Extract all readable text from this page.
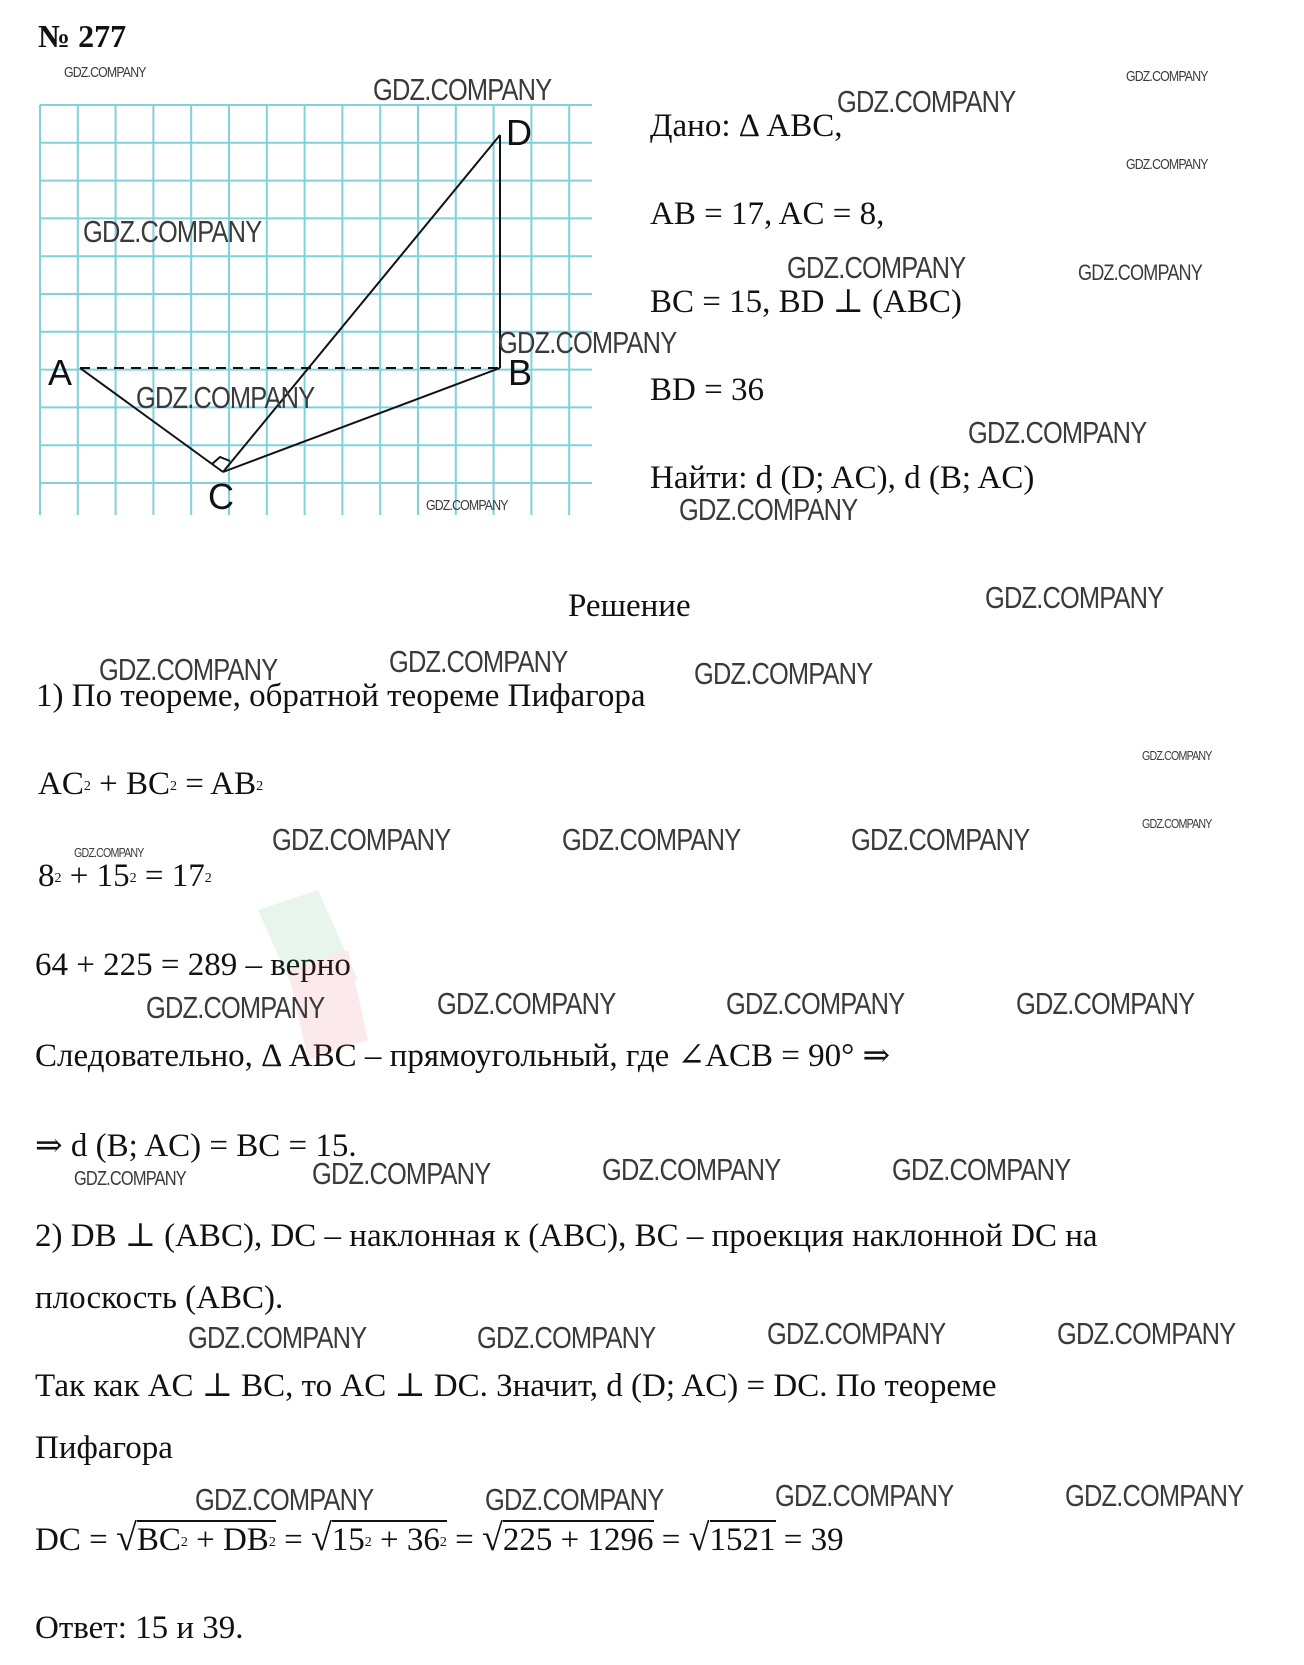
№ 277
A	B
C
D	Дано: Δ ABC,
AB = 17, AC = 8,
BC = 15, BD ⊥ (ABC)
BD = 36
Найти: d (D; AC), d (B; AC)
Решение
1) По теореме, обратной теореме Пифагора
$AC^2 + BC^2 = AB^2$
$8^2 + 15^2 = 17^2$
64 + 225 = 289 – верно
Следовательно, Δ ABC – прямоугольный, где ∠ACB = 90° ⇒
⇒ d (B; AC) = BC = 15.
2) DB ⊥ (ABC), DC – наклонная к (ABC), BC – проекция наклонной DC на
плоскость (ABC).
Так как AC ⊥ BC, то AC ⊥ DC. Значит, d (D; AC) = DC. По теореме
Пифагора
DC = $√BC^2 + DB^2 = √15^2 + 36^2 = √225 + 1296 = √1521 = 39$
Ответ: 15 и 39.
GDZ.COMPANY	GDZ.COMPANY	GDZ.COMPANY
GDZ.COMPANY
GDZ.COMPANY
GDZ.COMPANY
GDZ.COMPANY	GDZ.COMPANY
GDZ.COMPANY
GDZ.COMPANY
GDZ.COMPANY
GDZ.COMPANY	GDZ.COMPANY
GDZ.COMPANY
GDZ.COMPANY	GDZ.COMPANY	GDZ.COMPANY
GDZ.COMPANY
GDZ.COMPANY
GDZ.COMPANY	GDZ.COMPANY	GDZ.COMPANY
GDZ.COMPANY
GDZ.COMPANY	GDZ.COMPANY	GDZ.COMPANY	GDZ.COMPANY
GDZ.COMPANY	GDZ.COMPANY	GDZ.COMPANY	GDZ.COMPANY
GDZ.COMPANY	GDZ.COMPANY	GDZ.COMPANY	GDZ.COMPANY
GDZ.COMPANY	GDZ.COMPANY	GDZ.COMPANY	GDZ.COMPANY
